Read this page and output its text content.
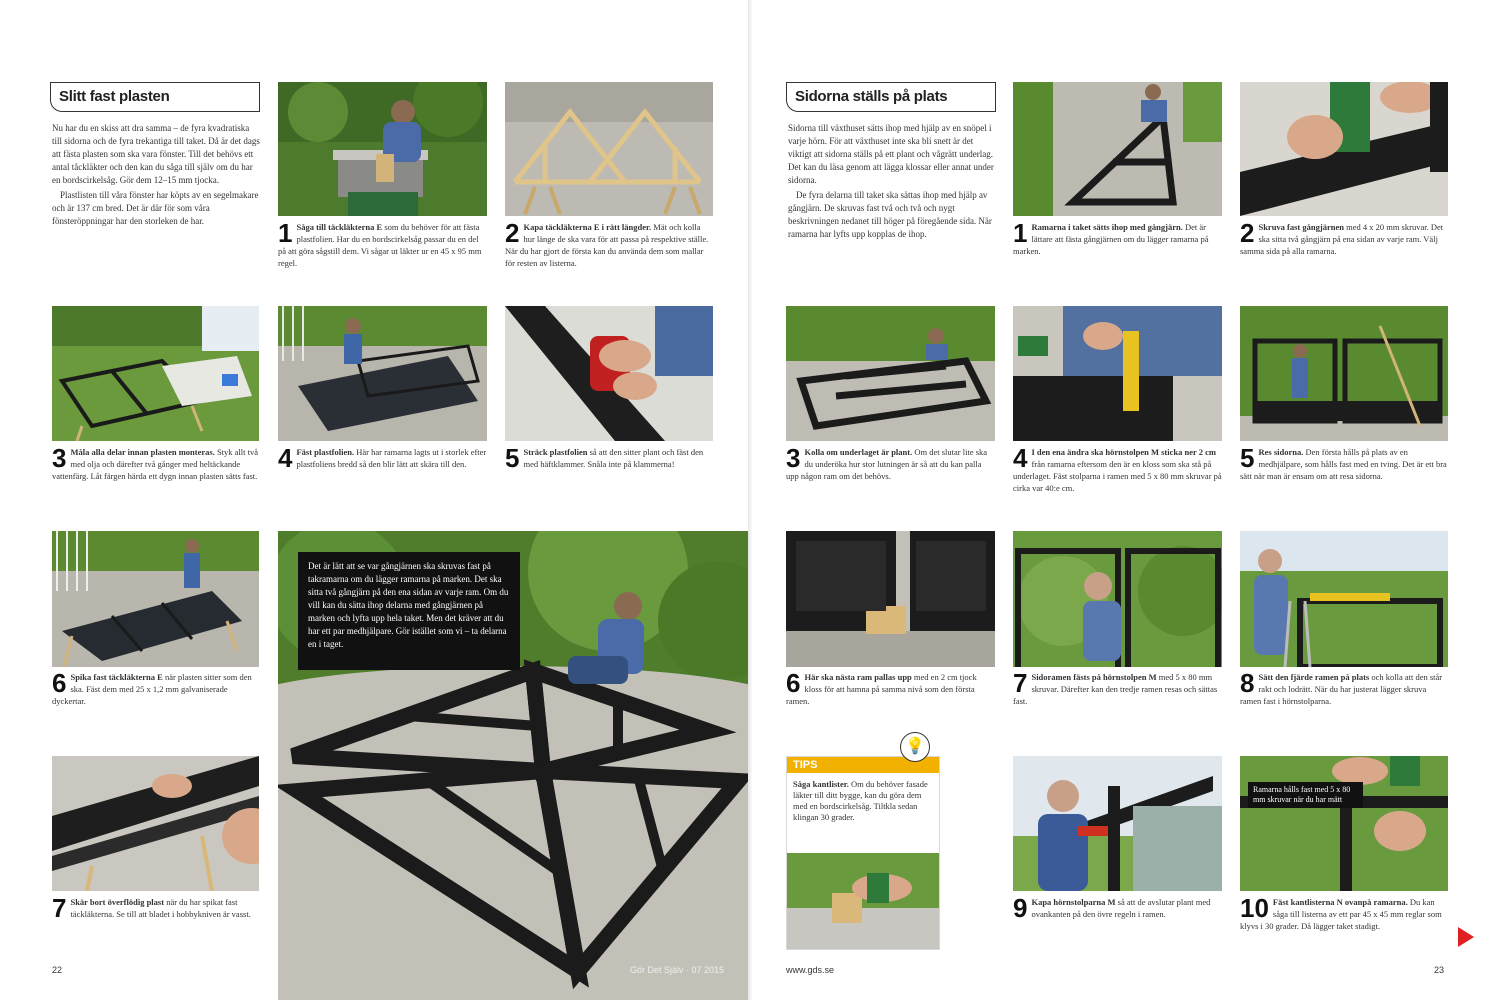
Slitt fast plasten

Nu har du en skiss att dra samma – de fyra kvadratiska till sidorna och de fyra trekantiga till taket. Då är det dags att fästa plasten som ska vara fönster. Till det behövs ett antal tåckläkter och den kan du såga till själv om du har en bordscirkelsåg. Gör dem 12–15 mm tjocka.

Plastlisten till våra fönster har köpts av en segelmakare och är 137 cm bred. Det är där för som våra fönsteröppningar har den storleken de har.	1 Såga till täckläkterna E som du behöver för att fästa plastfolien. Har du en bordscirkelsåg passar du en del på att göra sågstill dem. Vi sågar ut läkter ur en 45 x 95 mm regel.
2 Kapa täckläkterna E i rätt längder. Mät och kolla hur länge de ska vara för att passa på respektive ställe. När du har gjort de första kan du använda dem som mallar för resten av listerna.
3 Måla alla delar innan plasten monteras. Styk allt två med olja och därefter två gånger med heltäckande vattenfärg. Låt färgen härda ett dygn innan plasten sätts fast.
4 Fäst plastfolien. Här har ramarna lagts ut i storlek efter plastfoliens bredd så den blir lätt att skära till den.	5 Sträck plastfolien så att den sitter plant och fäst den med häftklammer. Snåla inte på klammerna!
6 Spika fast täckläkterna E när plasten sitter som den ska. Fäst dem med 25 x 1,2 mm galvaniserade dyckertar.
7 Skär bort överflödig plast när du har spikat fast täckläkterna. Se till att bladet i hobbykniven är vasst.
Det är lätt att se var gångjärnen ska skruvas fast på takramarna om du lägger ramarna på marken. Det ska sitta två gångjärn på den ena sidan av varje ram. Om du vill kan du sätta ihop delarna med gångjärnen på marken och lyfta upp hela taket. Men det kräver att du har ett par medhjälpare. Gör istället som vi – ta delarna en i taget.
22	Gör Det Själv · 07 2015
Sidorna ställs på plats

Sidorna till växthuset sätts ihop med hjälp av en snöpel i varje hörn. För att växthuset inte ska bli snett är det viktigt att sidorna ställs på ett plant och vågrätt underlag. Det kan du läsa genom att lägga klossar eller annat under sidorna.

De fyra delarna till taket ska sättas ihop med hjälp av gångjärn. De skruvas fast två och två och nygt beskrivningen nedanet till höger på föregående sida. När ramarna har lyfts upp kopplas de ihop.	1 Ramarna i taket sätts ihop med gångjärn. Det är lättare att fästa gångjärnen om du lägger ramarna på marken.
2 Skruva fast gångjärnen med 4 x 20 mm skruvar. Det ska sitta två gångjärn på ena sidan av varje ram. Välj samma sida på alla ramarna.
3 Kolla om underlaget är plant. Om det slutar lite ska du underöka hur stor lutningen är så att du kan palla upp någon ram om det behövs.
4 I den ena ändra ska hörnstolpen M sticka ner 2 cm från ramarna eftersom den är en kloss som ska stå på underlaget. Fäst stolparna i ramen med 5 x 80 mm skruvar på cirka var 40:e cm.
5 Res sidorna. Den första hålls på plats av en medhjälpare, som hålls fast med en tving. Det är ett bra sätt när man är ensam om att resa sidorna.
6 Här ska nästa ram pallas upp med en 2 cm tjock kloss för att hamna på samma nivå som den första ramen.
7 Sidoramen fästs på hörnstolpen M med 5 x 80 mm skruvar. Därefter kan den tredje ramen resas och sättas fast.
8 Sätt den fjärde ramen på plats och kolla att den står rakt och lodrätt. När du har justerat lägger skruva ramen fast i hörnstolparna.
TIPS
Såga kantlister. Om du behöver fasade läkter till ditt bygge, kan du göra dem med en bordscirkelsåg. Tiltkla sedan klingan 30 grader.
💡
9 Kapa hörnstolparna M så att de avslutar plant med ovankanten på den övre regeln i ramen.
Ramarna hålls fast med 5 x 80 mm skruvar när du har mätt
10 Fäst kantlisterna N ovanpå ramarna. Du kan såga till listerna av ett par 45 x 45 mm reglar som klyvs i 30 grader. Då lägger taket stadigt.
www.gds.se	23
